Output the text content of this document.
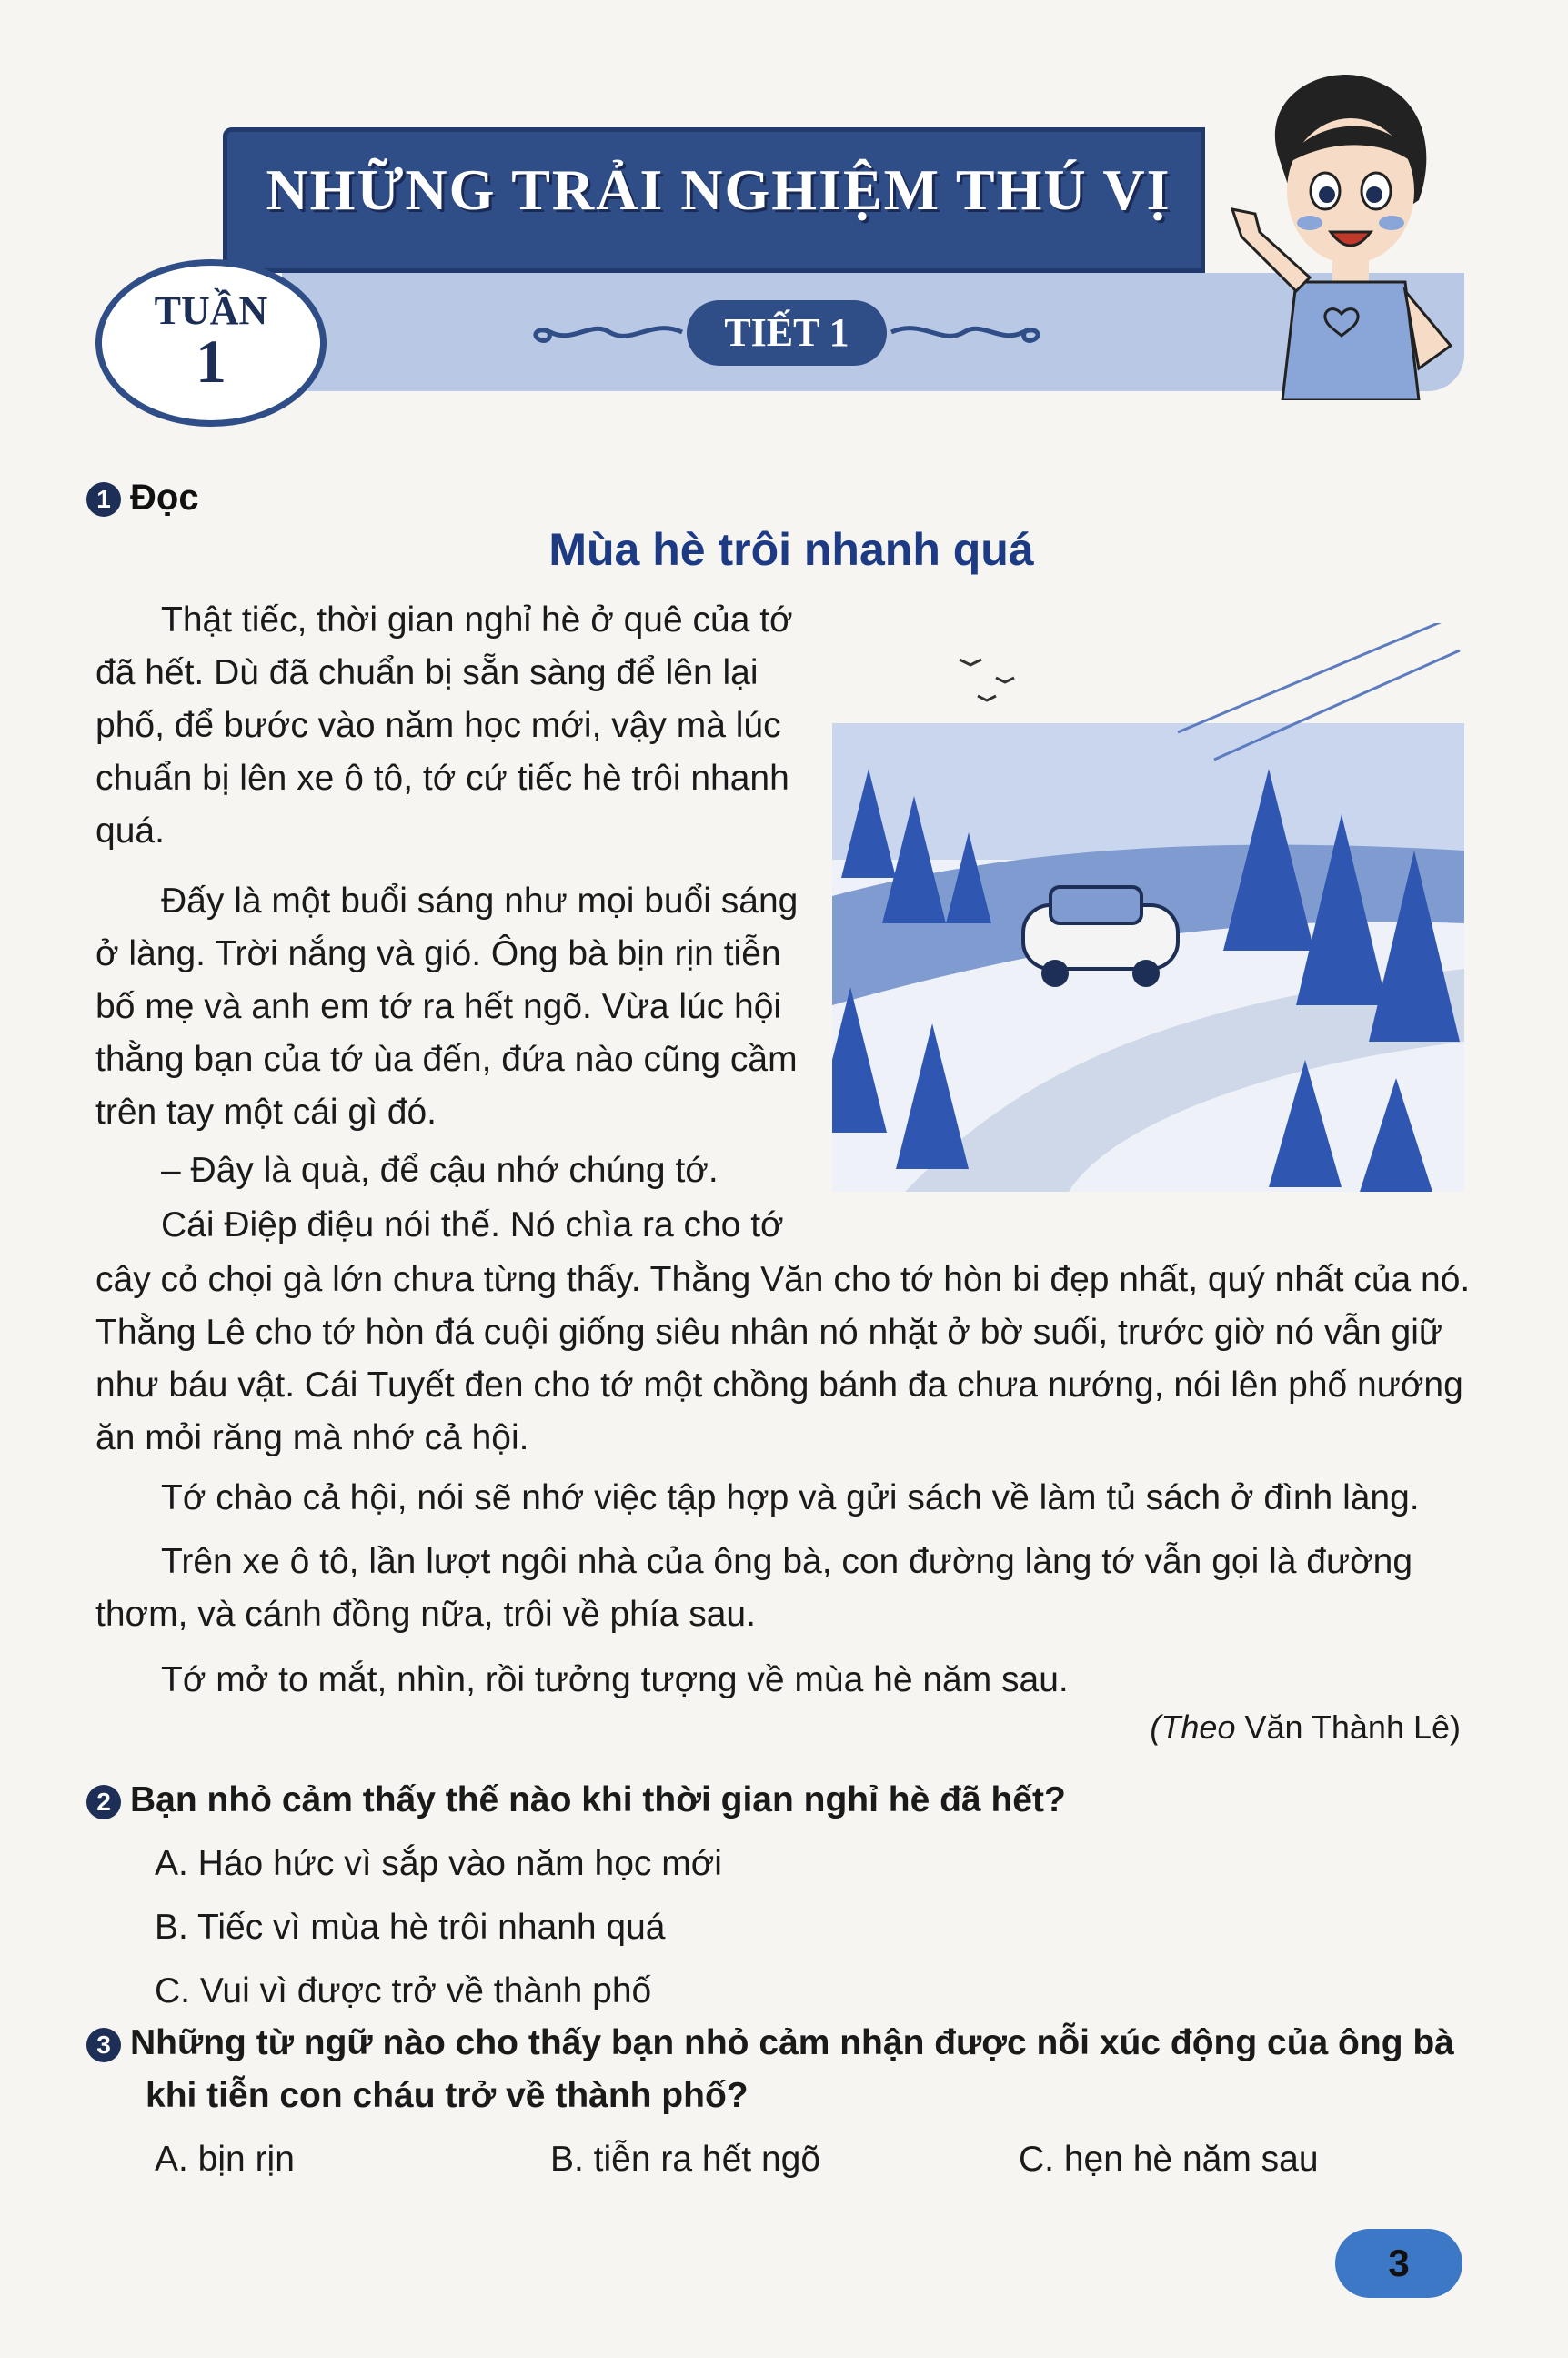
NHỮNG TRẢI NGHIỆM THÚ VỊ
TUẦN
1	TIẾT 1
1 Đọc
Mùa hè trôi nhanh quá

Thật tiếc, thời gian nghỉ hè ở quê của tớ đã hết. Dù đã chuẩn bị sẵn sàng để lên lại phố, để bước vào năm học mới, vậy mà lúc chuẩn bị lên xe ô tô, tớ cứ tiếc hè trôi nhanh quá.

Đấy là một buổi sáng như mọi buổi sáng ở làng. Trời nắng và gió. Ông bà bịn rịn tiễn bố mẹ và anh em tớ ra hết ngõ. Vừa lúc hội thằng bạn của tớ ùa đến, đứa nào cũng cầm trên tay một cái gì đó.

– Đây là quà, để cậu nhớ chúng tớ.

Cái Điệp điệu nói thế. Nó chìa ra cho tớ

cây cỏ chọi gà lớn chưa từng thấy. Thằng Văn cho tớ hòn bi đẹp nhất, quý nhất của nó. Thằng Lê cho tớ hòn đá cuội giống siêu nhân nó nhặt ở bờ suối, trước giờ nó vẫn giữ như báu vật. Cái Tuyết đen cho tớ một chồng bánh đa chưa nướng, nói lên phố nướng ăn mỏi răng mà nhớ cả hội.

Tớ chào cả hội, nói sẽ nhớ việc tập hợp và gửi sách về làm tủ sách ở đình làng.

Trên xe ô tô, lần lượt ngôi nhà của ông bà, con đường làng tớ vẫn gọi là đường thơm, và cánh đồng nữa, trôi về phía sau.

Tớ mở to mắt, nhìn, rồi tưởng tượng về mùa hè năm sau.

(Theo Văn Thành Lê)
2 Bạn nhỏ cảm thấy thế nào khi thời gian nghỉ hè đã hết?
A. Háo hức vì sắp vào năm học mới
B. Tiếc vì mùa hè trôi nhanh quá
C. Vui vì được trở về thành phố
3 Những từ ngữ nào cho thấy bạn nhỏ cảm nhận được nỗi xúc động của ông bà khi tiễn con cháu trở về thành phố?
A. bịn rịn	B. tiễn ra hết ngõ	C. hẹn hè năm sau
3
